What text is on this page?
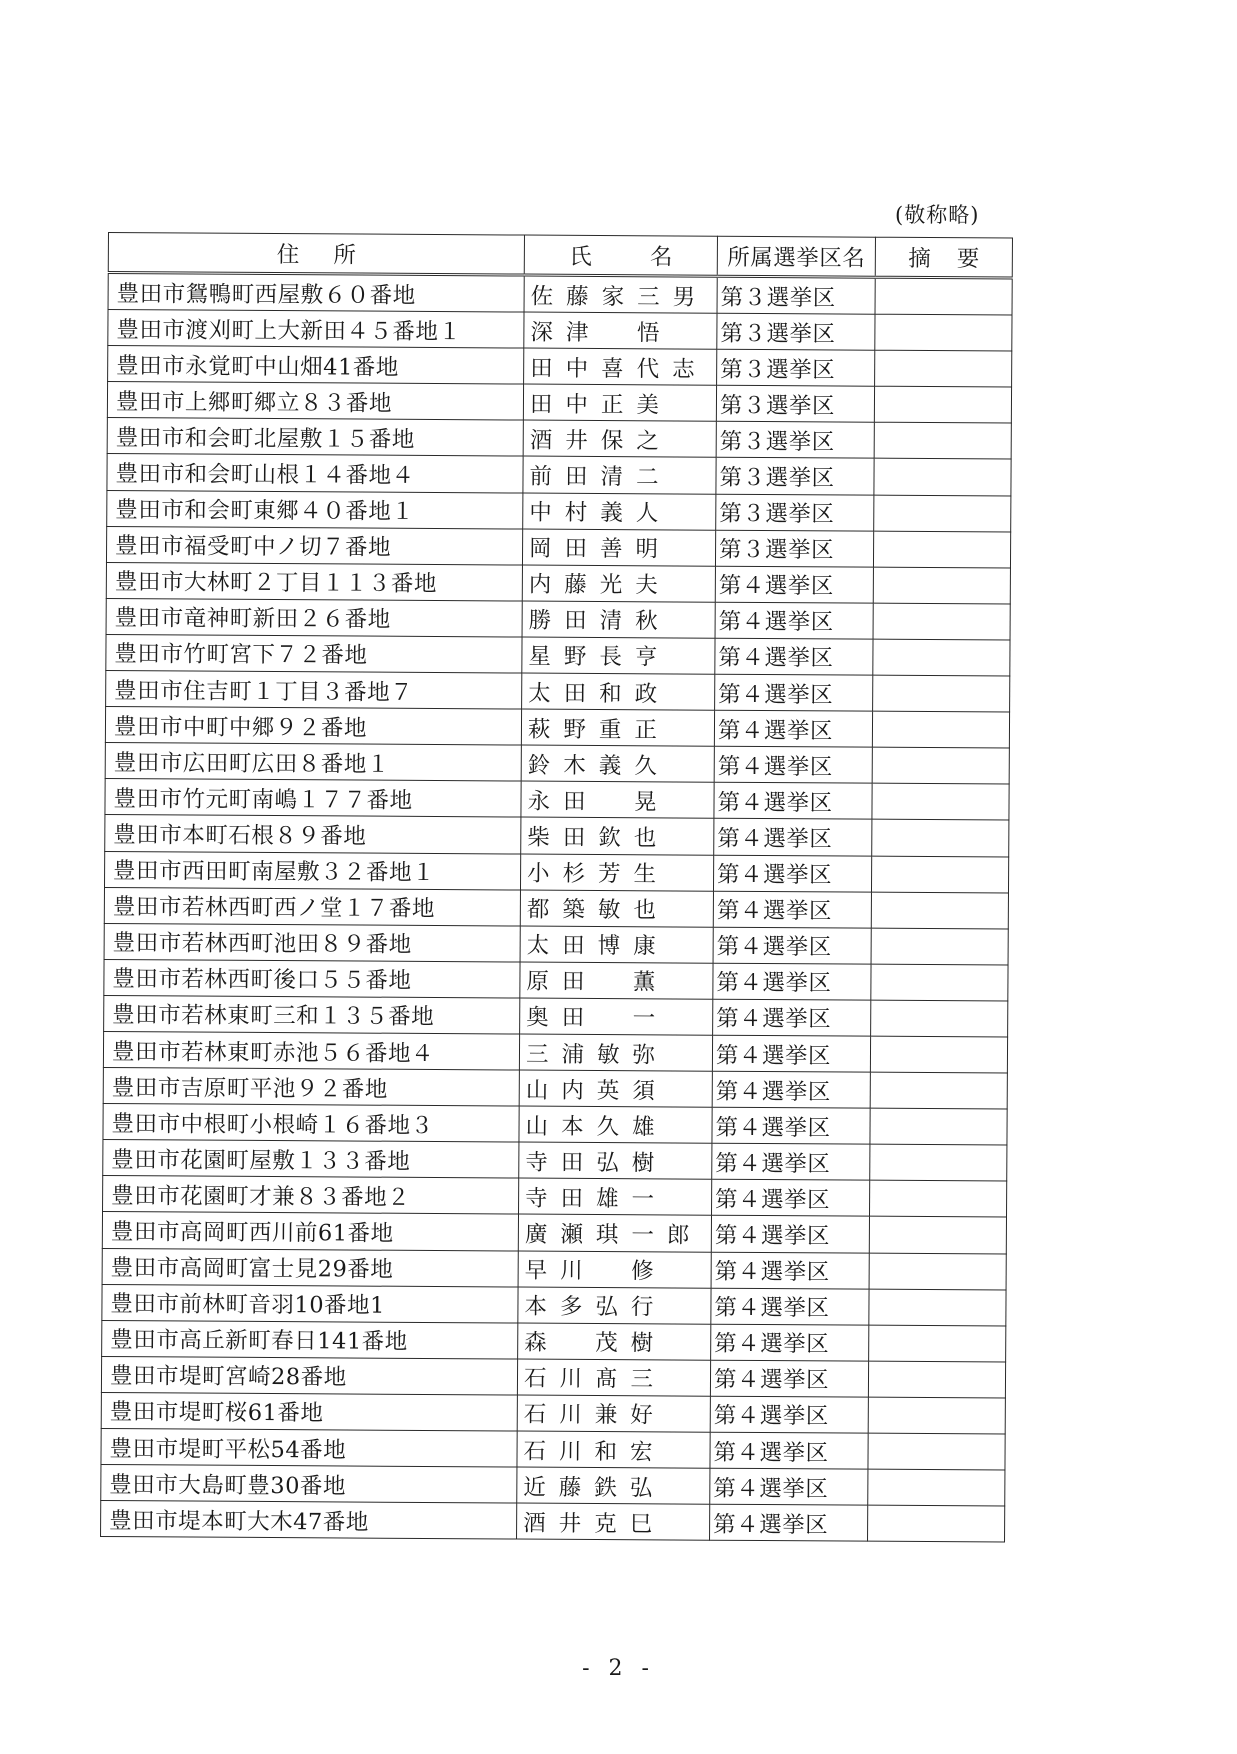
(敬称略)
住 所	氏 名	所属選挙区名	摘 要
豊田市鴛鴨町西屋敷６０番地	佐藤家三男	第３選挙区	
豊田市渡刈町上大新田４５番地１	深津　悟	第３選挙区	
豊田市永覚町中山畑41番地	田中喜代志	第３選挙区	
豊田市上郷町郷立８３番地	田中正美	第３選挙区	
豊田市和会町北屋敷１５番地	酒井保之	第３選挙区	
豊田市和会町山根１４番地４	前田清二	第３選挙区	
豊田市和会町東郷４０番地１	中村義人	第３選挙区	
豊田市福受町中ノ切７番地	岡田善明	第３選挙区	
豊田市大林町２丁目１１３番地	内藤光夫	第４選挙区	
豊田市竜神町新田２６番地	勝田清秋	第４選挙区	
豊田市竹町宮下７２番地	星野長亨	第４選挙区	
豊田市住吉町１丁目３番地７	太田和政	第４選挙区	
豊田市中町中郷９２番地	萩野重正	第４選挙区	
豊田市広田町広田８番地１	鈴木義久	第４選挙区	
豊田市竹元町南嶋１７７番地	永田　晃	第４選挙区	
豊田市本町石根８９番地	柴田欽也	第４選挙区	
豊田市西田町南屋敷３２番地１	小杉芳生	第４選挙区	
豊田市若林西町西ノ堂１７番地	都築敏也	第４選挙区	
豊田市若林西町池田８９番地	太田博康	第４選挙区	
豊田市若林西町後口５５番地	原田　薫	第４選挙区	
豊田市若林東町三和１３５番地	奥田　一	第４選挙区	
豊田市若林東町赤池５６番地４	三浦敏弥	第４選挙区	
豊田市吉原町平池９２番地	山内英須	第４選挙区	
豊田市中根町小根崎１６番地３	山本久雄	第４選挙区	
豊田市花園町屋敷１３３番地	寺田弘樹	第４選挙区	
豊田市花園町才兼８３番地２	寺田雄一	第４選挙区	
豊田市高岡町西川前61番地	廣瀬琪一郎	第４選挙区	
豊田市高岡町富士見29番地	早川　修	第４選挙区	
豊田市前林町音羽10番地1	本多弘行	第４選挙区	
豊田市高丘新町春日141番地	森　茂樹	第４選挙区	
豊田市堤町宮崎28番地	石川髙三	第４選挙区	
豊田市堤町桜61番地	石川兼好	第４選挙区	
豊田市堤町平松54番地	石川和宏	第４選挙区	
豊田市大島町豊30番地	近藤鉄弘	第４選挙区	
豊田市堤本町大木47番地	酒井克巳	第４選挙区	
- 2 -
